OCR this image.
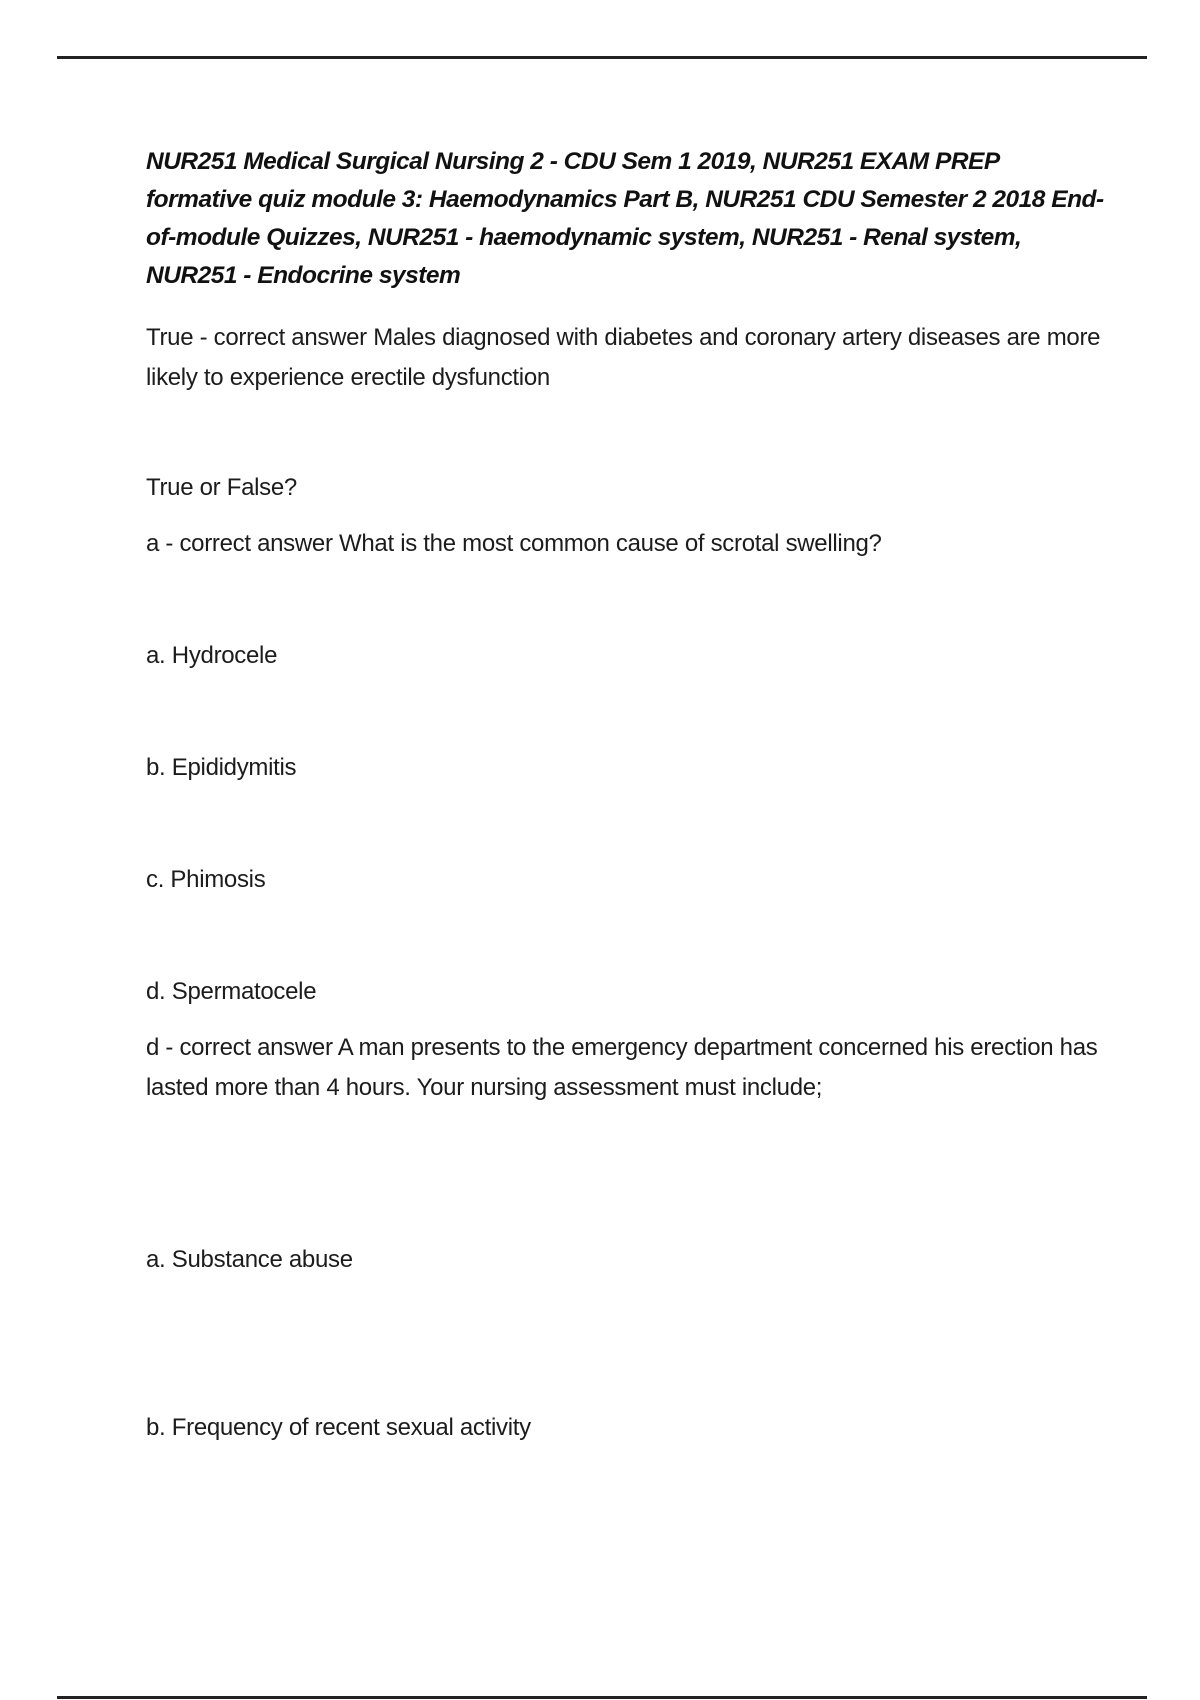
NUR251 Medical Surgical Nursing 2 - CDU Sem 1 2019, NUR251 EXAM PREP formative quiz module 3: Haemodynamics Part B, NUR251 CDU Semester 2 2018 End-of-module Quizzes, NUR251 - haemodynamic system, NUR251 - Renal system, NUR251 - Endocrine system

True - correct answer Males diagnosed with diabetes and coronary artery diseases are more likely to experience erectile dysfunction

True or False?

a - correct answer What is the most common cause of scrotal swelling?

a. Hydrocele

b. Epididymitis

c. Phimosis

d. Spermatocele

d - correct answer A man presents to the emergency department concerned his erection has lasted more than 4 hours. Your nursing assessment must include;

a. Substance abuse

b. Frequency of recent sexual activity
